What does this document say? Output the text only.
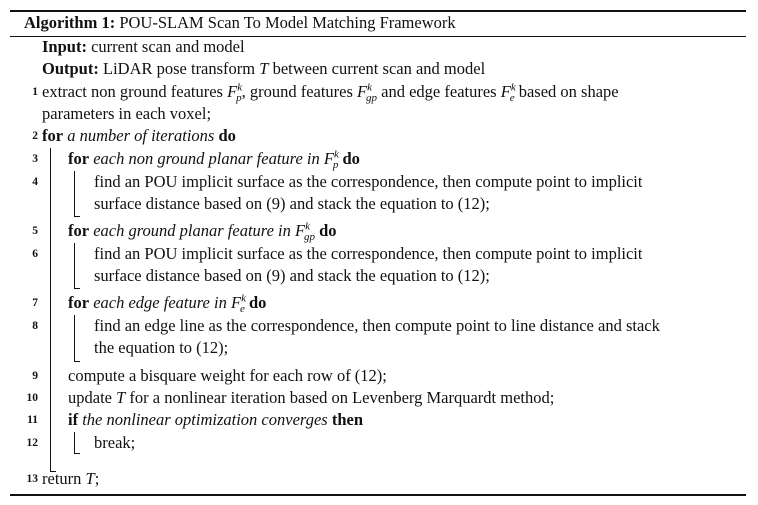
Algorithm 1: POU-SLAM Scan To Model Matching Framework
Input: current scan and model
Output: LiDAR pose transform T between current scan and model
1 extract non ground features $F^k_p$, ground features $F^k_{gp}$ and edge features $F^k_e$ based on shape
parameters in each voxel;
2 for a number of iterations do
3 for each non ground planar feature in $F^k_p$ do
4	find an POU implicit surface as the correspondence, then compute point to implicit
surface distance based on (9) and stack the equation to (12);
5 for each ground planar feature in $F^k_{gp}$ do
6	find an POU implicit surface as the correspondence, then compute point to implicit
surface distance based on (9) and stack the equation to (12);
7 for each edge feature in $F^k_e$ do
8	find an edge line as the correspondence, then compute point to line distance and stack
the equation to (12);
9 compute a bisquare weight for each row of (12);
10 update T for a nonlinear iteration based on Levenberg Marquardt method;
11 if the nonlinear optimization converges then
12	break;
13 return T;
